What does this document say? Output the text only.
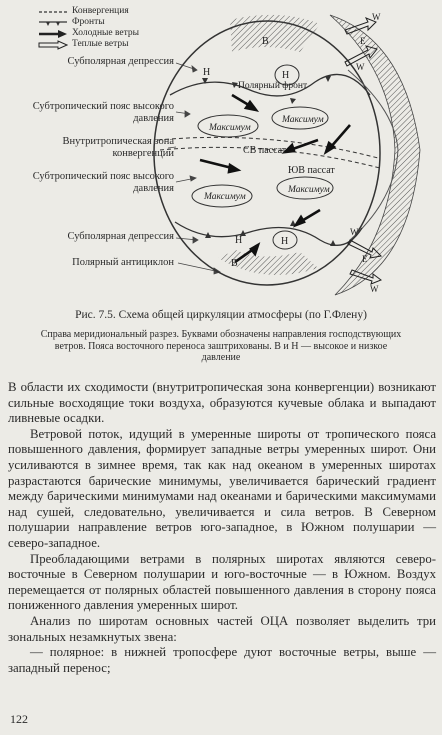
Конвергенция
Фронты
Холодные ветры
Теплые ветры
Субполярная депрессия
Субтропический пояс высокого давления
Внутритропическая зона конвергенции
Субтропический пояс высокого давления
Субполярная депрессия
Полярный антициклон
Н	Н
В
Полярный фронт
Максимум
Максимум
СВ пассат
ЮВ пассат
Максимум
Максимум
Н	Н
В
W
E
W
W
E
W
Рис. 7.5. Схема общей циркуляции атмосферы (по Г.Флену)
Справа меридиональный разрез. Буквами обозначены направления господствующих ветров. Пояса восточного переноса заштрихованы. В и Н — высокое и низкое давление

В области их сходимости (внутритропическая зона конвергенции) возникают сильные восходящие токи воздуха, образуются кучевые облака и выпадают ливневые осадки.

Ветровой поток, идущий в умеренные широты от тропического пояса повышенного давления, формирует западные ветры умеренных широт. Они усиливаются в зимнее время, так как над океаном в умеренных широтах разрастаются барические минимумы, увеличивается барический градиент между барическими минимумами над океанами и барическими максимумами над сушей, следовательно, увеличивается и сила ветров. В Северном полушарии направление ветров юго-западное, в Южном полушарии — северо-западное.

Преобладающими ветрами в полярных широтах являются северо-восточные в Северном полушарии и юго-восточные — в Южном. Воздух перемещается от полярных областей повышенного давления в сторону пояса пониженного давления умеренных широт.

Анализ по широтам основных частей ОЦА позволяет выделить три зональных незамкнутых звена:

— полярное: в нижней тропосфере дуют восточные ветры, выше — западный перенос;

122
